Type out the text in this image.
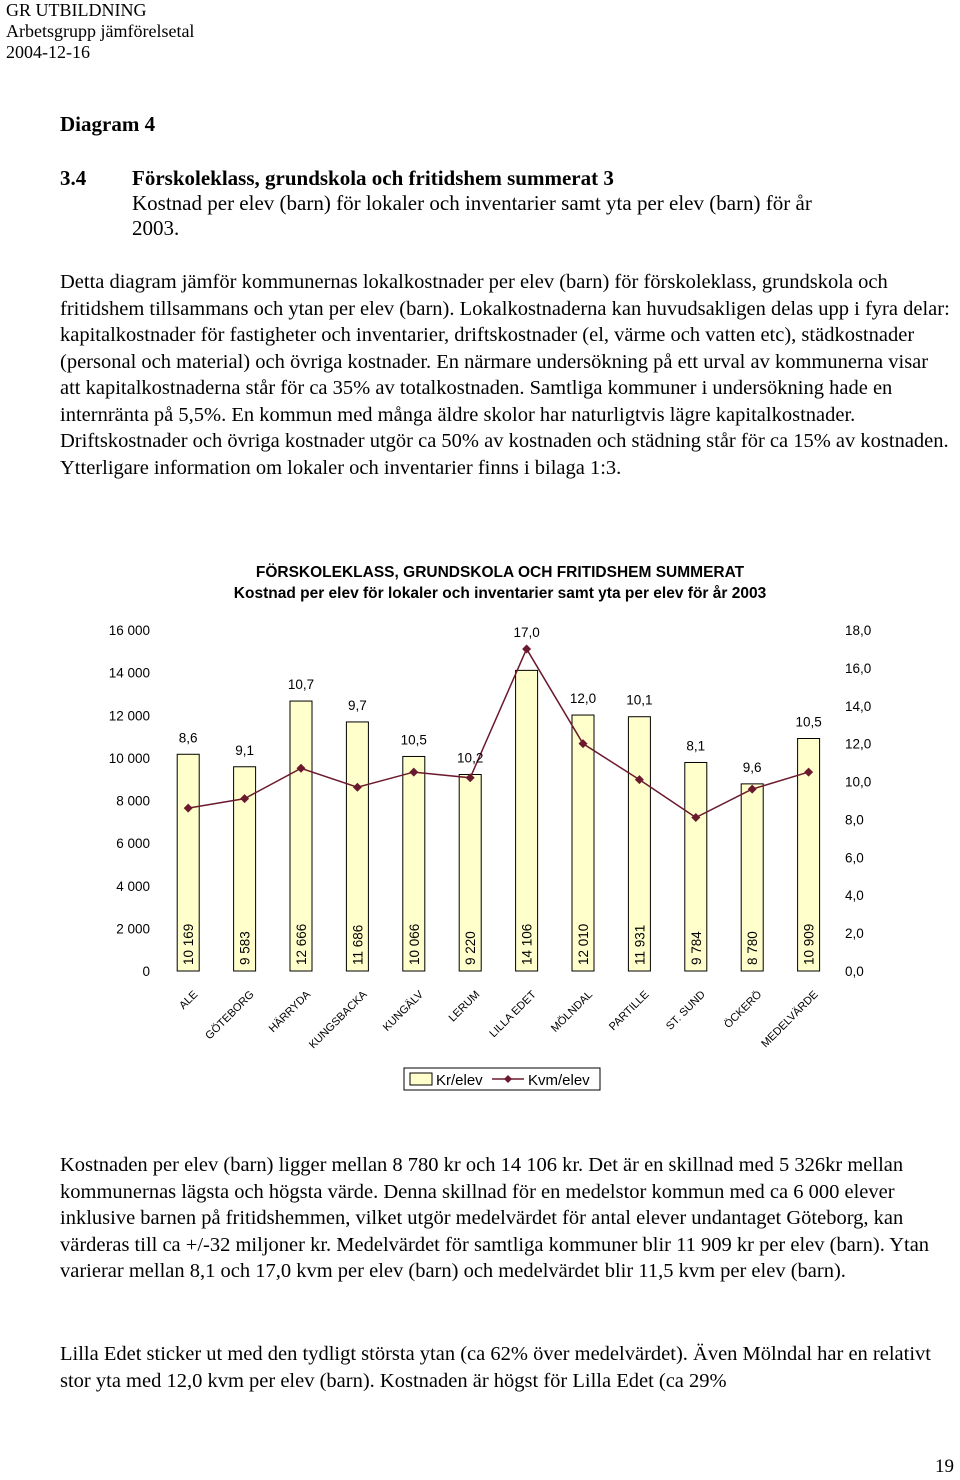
GR UTBILDNING
Arbetsgrupp jämförelsetal
2004-12-16
Diagram 4
3.4 Förskoleklass, grundskola och fritidshem summerat 3
Kostnad per elev (barn) för lokaler och inventarier samt yta per elev (barn) för år 2003.

Detta diagram jämför kommunernas lokalkostnader per elev (barn) för förskoleklass, grundskola och fritidshem tillsammans och ytan per elev (barn). Lokalkostnaderna kan huvudsakligen delas upp i fyra delar: kapitalkostnader för fastigheter och inventarier, driftskostnader (el, värme och vatten etc), städkostnader (personal och material) och övriga kostnader. En närmare undersökning på ett urval av kommunerna visar att kapitalkostnaderna står för ca 35% av totalkostnaden. Samtliga kommuner i undersökning hade en internränta på 5,5%. En kommun med många äldre skolor har naturligtvis lägre kapitalkostnader. Driftskostnader och övriga kostnader utgör ca 50% av kostnaden och städning står för ca 15% av kostnaden. Ytterligare information om lokaler och inventarier finns i bilaga 1:3.

FÖRSKOLEKLASS, GRUNDSKOLA OCH FRITIDSHEM SUMMERAT
Kostnad per elev för lokaler och inventarier samt yta per elev för år 2003
0
2 000
4 000
6 000
8 000
10 000
12 000
14 000
16 000
0,0
2,0
4,0
6,0
8,0
10,0
12,0
14,0
16,0
18,0
10 169	9 583	12 666	11 686	10 066	9 220	14 106	12 010	11 931	9 784	8 780	10 909
8,6
9,1
10,7
9,7
10,5
10,2
17,0
12,0 10,1
8,1
9,6
10,5
ALE GÖTEBORG HÄRRYDA
KUNGSBACKA KUNGÄLV LERUM LILLA EDET MÖLNDAL PARTILLE ST. SUND ÖCKERÖ
MEDELVÄRDE
Kr/elev	Kvm/elev

Kostnaden per elev (barn) ligger mellan 8 780 kr och 14 106 kr. Det är en skillnad med 5 326kr mellan kommunernas lägsta och högsta värde. Denna skillnad för en medelstor kommun med ca 6 000 elever inklusive barnen på fritidshemmen, vilket utgör medelvärdet för antal elever undantaget Göteborg, kan värderas till ca +/-32 miljoner kr. Medelvärdet för samtliga kommuner blir 11 909 kr per elev (barn). Ytan varierar mellan 8,1 och 17,0 kvm per elev (barn) och medelvärdet blir 11,5 kvm per elev (barn).

Lilla Edet sticker ut med den tydligt största ytan (ca 62% över medelvärdet). Även Mölndal har en relativt stor yta med 12,0 kvm per elev (barn). Kostnaden är högst för Lilla Edet (ca 29%

19
